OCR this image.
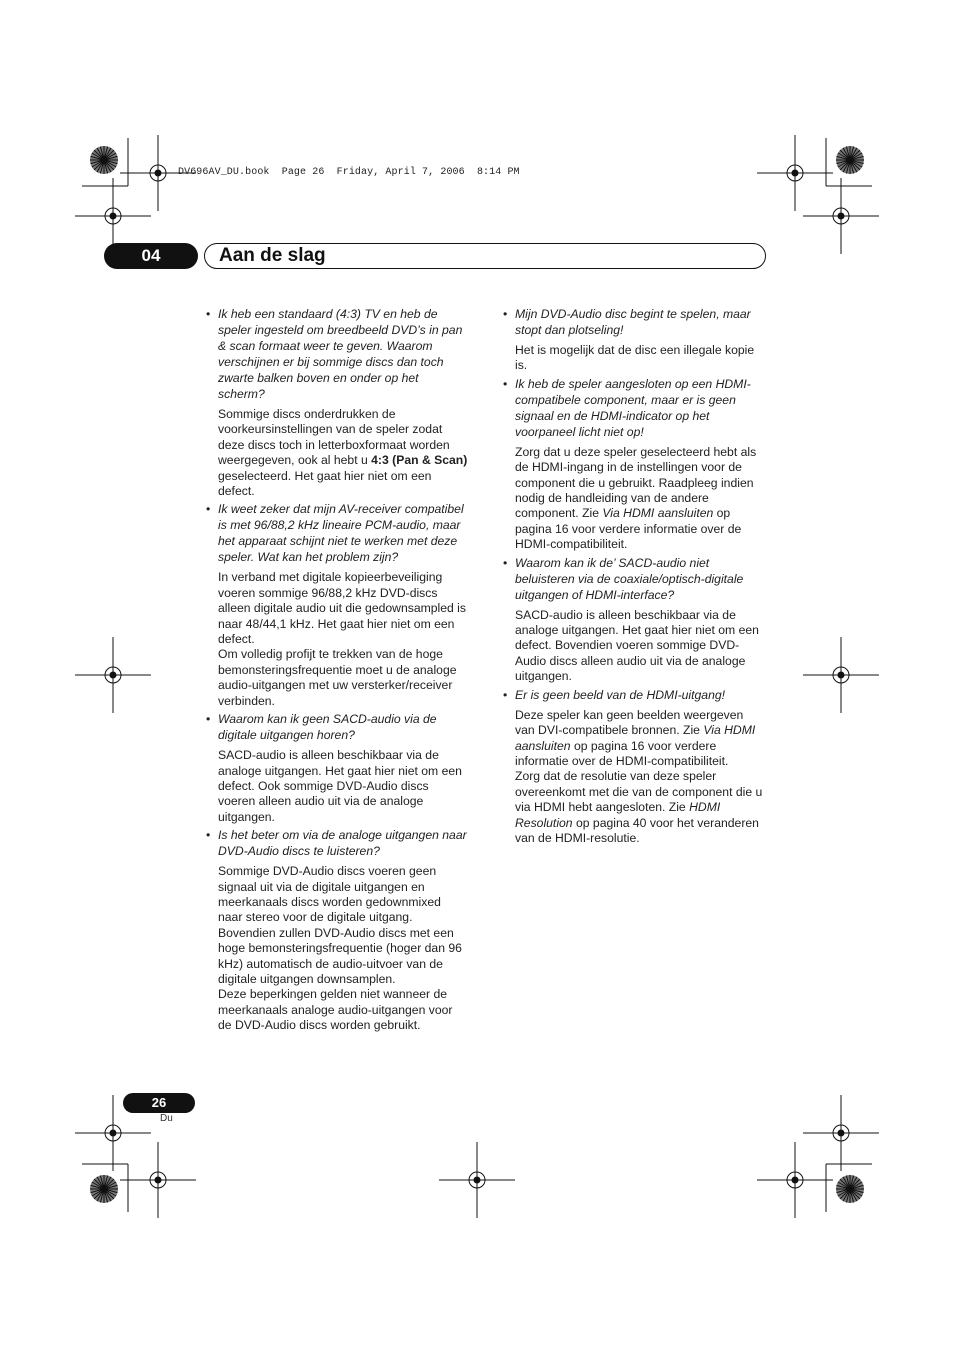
DV696AV_DU.book  Page 26  Friday, April 7, 2006  8:14 PM
04	Aan de slag
• Ik heb een standaard (4:3) TV en heb de speler ingesteld om breedbeeld DVD’s in pan & scan formaat weer te geven. Waarom verschijnen er bij sommige discs dan toch zwarte balken boven en onder op het scherm?
Sommige discs onderdrukken de voorkeursinstellingen van de speler zodat deze discs toch in letterboxformaat worden weergegeven, ook al hebt u 4:3 (Pan & Scan) geselecteerd. Het gaat hier niet om een defect.
• Ik weet zeker dat mijn AV-receiver compatibel is met 96/88,2 kHz lineaire PCM-audio, maar het apparaat schijnt niet te werken met deze speler. Wat kan het problem zijn?
In verband met digitale kopieerbeveiliging voeren sommige 96/88,2 kHz DVD-discs alleen digitale audio uit die gedownsampled is naar 48/44,1 kHz. Het gaat hier niet om een defect.
Om volledig profijt te trekken van de hoge bemonsteringsfrequentie moet u de analoge audio-uitgangen met uw versterker/receiver verbinden.
• Waarom kan ik geen SACD-audio via de digitale uitgangen horen?
SACD-audio is alleen beschikbaar via de analoge uitgangen. Het gaat hier niet om een defect. Ook sommige DVD-Audio discs voeren alleen audio uit via de analoge uitgangen.
• Is het beter om via de analoge uitgangen naar DVD-Audio discs te luisteren?
Sommige DVD-Audio discs voeren geen signaal uit via de digitale uitgangen en meerkanaals discs worden gedownmixed naar stereo voor de digitale uitgang. Bovendien zullen DVD-Audio discs met een hoge bemonsteringsfrequentie (hoger dan 96 kHz) automatisch de audio-uitvoer van de digitale uitgangen downsamplen.
Deze beperkingen gelden niet wanneer de meerkanaals analoge audio-uitgangen voor de DVD-Audio discs worden gebruikt.
• Mijn DVD-Audio disc begint te spelen, maar stopt dan plotseling!
Het is mogelijk dat de disc een illegale kopie is.
• Ik heb de speler aangesloten op een HDMI-compatibele component, maar er is geen signaal en de HDMI-indicator op het voorpaneel licht niet op!
Zorg dat u deze speler geselecteerd hebt als de HDMI-ingang in de instellingen voor de component die u gebruikt. Raadpleeg indien nodig de handleiding van de andere component. Zie Via HDMI aansluiten op pagina 16 voor verdere informatie over de HDMI-compatibiliteit.
• Waarom kan ik de’ SACD-audio niet beluisteren via de coaxiale/optisch-digitale uitgangen of HDMI-interface?
SACD-audio is alleen beschikbaar via de analoge uitgangen. Het gaat hier niet om een defect. Bovendien voeren sommige DVD-Audio discs alleen audio uit via de analoge uitgangen.
• Er is geen beeld van de HDMI-uitgang!
Deze speler kan geen beelden weergeven van DVI-compatibele bronnen. Zie Via HDMI aansluiten op pagina 16 voor verdere informatie over de HDMI-compatibiliteit.
Zorg dat de resolutie van deze speler overeenkomt met die van de component die u via HDMI hebt aangesloten. Zie HDMI Resolution op pagina 40 voor het veranderen van de HDMI-resolutie.
26
Du
